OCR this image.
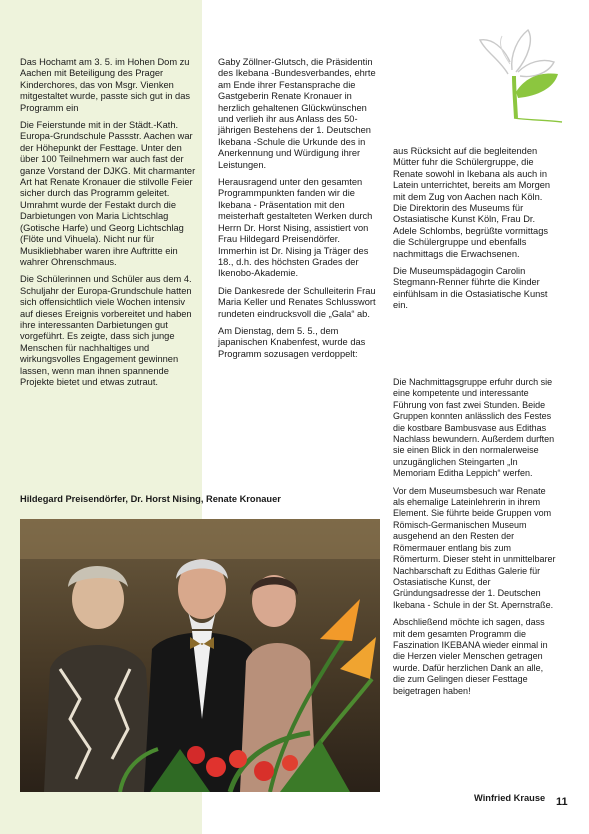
Das Hochamt am 3. 5. im Hohen Dom zu Aachen mit Beteiligung des Prager Kinderchores, das von Msgr. Vienken mitgestaltet wurde, passte sich gut in das Programm ein

Die Feierstunde mit in der Städt.-Kath. Europa-Grundschule Passstr. Aachen war der Höhepunkt der Festtage. Unter den über 100 Teilnehmern war auch fast der ganze Vorstand der DJKG. Mit charmanter Art hat Renate Kronauer die stilvolle Feier sicher durch das Programm geleitet. Umrahmt wurde der Festakt durch die Darbietungen von Maria Lichtschlag (Gotische Harfe) und Georg Lichtschlag (Flöte und Vihuela). Nicht nur für Musikliebhaber waren ihre Auftritte ein wahrer Ohrenschmaus.

Die Schülerinnen und Schüler aus dem 4. Schuljahr der Europa-Grundschule hatten sich offensichtlich viele Wochen intensiv auf dieses Ereignis vorbereitet und haben ihre interessanten Darbietungen gut vorgeführt. Es zeigte, dass sich junge Menschen für nachhaltiges und wirkungsvolles Engagement gewinnen lassen, wenn man ihnen spannende Projekte bietet und etwas zutraut.

Gaby Zöllner-Glutsch, die Präsidentin des Ikebana -Bundesverbandes, ehrte am Ende ihrer Festansprache die Gastgeberin Renate Kronauer in herzlich gehaltenen Glückwünschen und verlieh ihr aus Anlass des 50-jährigen Bestehens der 1. Deutschen Ikebana -Schule die Urkunde des in Anerkennung und Würdigung ihrer Leistungen.

Herausragend unter den gesamten Programmpunkten fanden wir die Ikebana - Präsentation mit den meisterhaft gestalteten Werken durch Herrn Dr. Horst Nising, assistiert von Frau Hildegard Preisendörfer. Immerhin ist Dr. Nising ja Träger des 18., d.h. des höchsten Grades der Ikenobo-Akademie.

Die Dankesrede der Schulleiterin Frau Maria Keller und Renates Schlusswort rundeten eindrucksvoll die „Gala“ ab.

Am Dienstag, dem 5. 5., dem japanischen Knabenfest, wurde das Programm sozusagen verdoppelt:

aus Rücksicht auf die begleitenden Mütter fuhr die Schülergruppe, die Renate sowohl in Ikebana als auch in Latein unterrichtet, bereits am Morgen mit dem Zug von Aachen nach Köln. Die Direktorin des Museums für Ostasiatische Kunst Köln, Frau Dr. Adele Schlombs, begrüßte vormittags die Schülergruppe und ebenfalls nachmittags die Erwachsenen.

Die Museumspädagogin Carolin Stegmann-Renner führte die Kinder einfühlsam in die Ostasiatische Kunst ein.

Die Nachmittagsgruppe erfuhr durch sie eine kompetente und interessante Führung von fast zwei Stunden. Beide Gruppen konnten anlässlich des Festes die kostbare Bambusvase aus Edithas Nachlass bewundern. Außerdem durften sie einen Blick in den normalerweise unzugänglichen Steingarten „In Memoriam Editha Leppich“ werfen.

Vor dem Museumsbesuch war Renate als ehemalige Lateinlehrerin in ihrem Element. Sie führte beide Gruppen vom Römisch-Germanischen Museum ausgehend an den Resten der Römermauer entlang bis zum Römerturm. Dieser steht in unmittelbarer Nachbarschaft zu Edithas Galerie für Ostasiatische Kunst, der Gründungsadresse der 1. Deutschen Ikebana - Schule in der St. Apernstraße.

Abschließend möchte ich sagen, dass mit dem gesamten Programm die Faszination IKEBANA wieder einmal in die Herzen vieler Menschen getragen wurde. Dafür herzlichen Dank an alle, die zum Gelingen dieser Festtage beigetragen haben!

Hildegard Preisendörfer, Dr. Horst Nising, Renate Kronauer
Winfried Krause 11
